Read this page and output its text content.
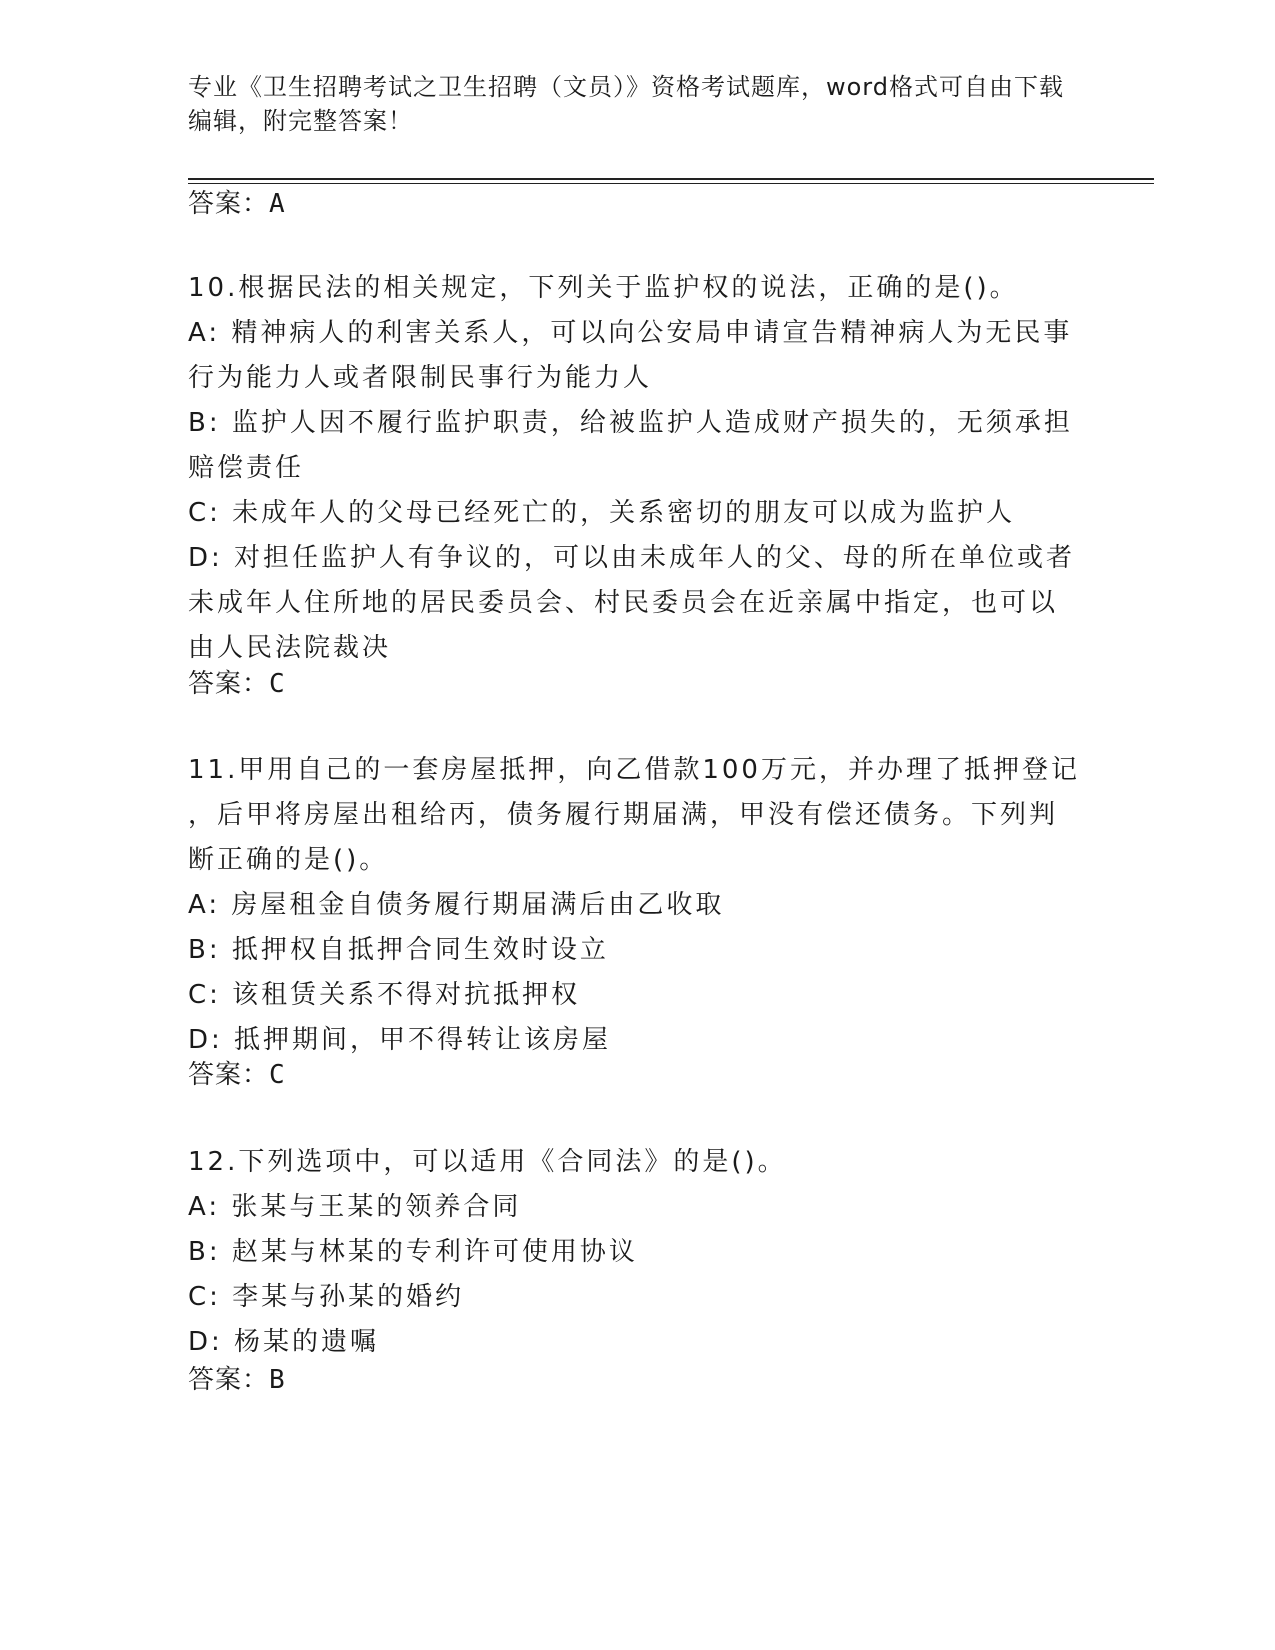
专业《卫生招聘考试之卫生招聘（文员）》资格考试题库，word格式可自由下载
编辑，附完整答案！
答案：A
10.根据民法的相关规定，下列关于监护权的说法，正确的是()。
A: 精神病人的利害关系人，可以向公安局申请宣告精神病人为无民事
行为能力人或者限制民事行为能力人
B: 监护人因不履行监护职责，给被监护人造成财产损失的，无须承担
赔偿责任
C: 未成年人的父母已经死亡的，关系密切的朋友可以成为监护人
D: 对担任监护人有争议的，可以由未成年人的父、母的所在单位或者
未成年人住所地的居民委员会、村民委员会在近亲属中指定，也可以
由人民法院裁决
答案：C
11.甲用自己的一套房屋抵押，向乙借款100万元，并办理了抵押登记
，后甲将房屋出租给丙，债务履行期届满，甲没有偿还债务。下列判
断正确的是()。
A: 房屋租金自债务履行期届满后由乙收取
B: 抵押权自抵押合同生效时设立
C: 该租赁关系不得对抗抵押权
D: 抵押期间，甲不得转让该房屋
答案：C
12.下列选项中，可以适用《合同法》的是()。
A: 张某与王某的领养合同
B: 赵某与林某的专利许可使用协议
C: 李某与孙某的婚约
D: 杨某的遗嘱
答案：B
